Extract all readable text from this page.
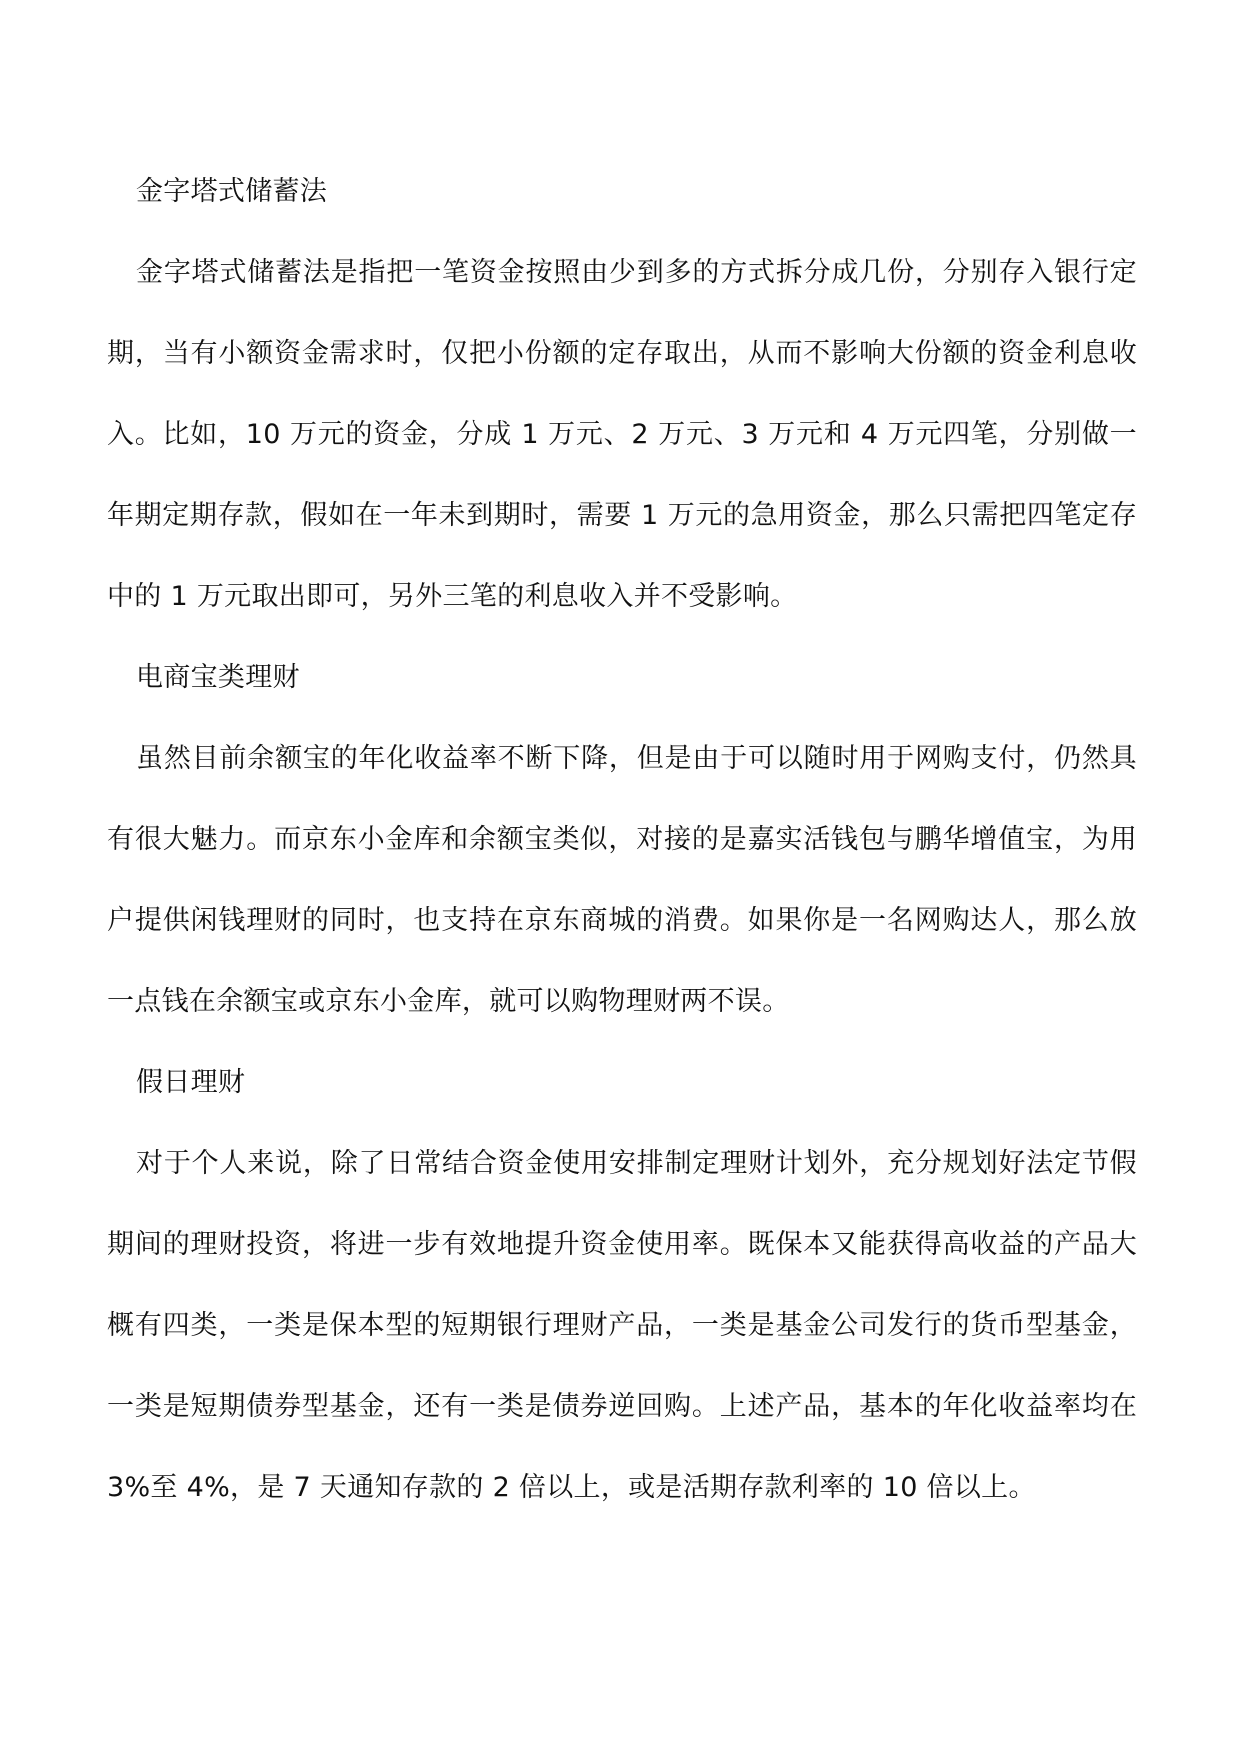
金字塔式储蓄法

金字塔式储蓄法是指把一笔资金按照由少到多的方式拆分成几份，分别存入银行定期，当有小额资金需求时，仅把小份额的定存取出，从而不影响大份额的资金利息收入。比如，10 万元的资金，分成 1 万元、2 万元、3 万元和 4 万元四笔，分别做一年期定期存款，假如在一年未到期时，需要 1 万元的急用资金，那么只需把四笔定存中的 1 万元取出即可，另外三笔的利息收入并不受影响。

电商宝类理财

虽然目前余额宝的年化收益率不断下降，但是由于可以随时用于网购支付，仍然具有很大魅力。而京东小金库和余额宝类似，对接的是嘉实活钱包与鹏华增值宝，为用户提供闲钱理财的同时，也支持在京东商城的消费。如果你是一名网购达人，那么放一点钱在余额宝或京东小金库，就可以购物理财两不误。

假日理财

对于个人来说，除了日常结合资金使用安排制定理财计划外，充分规划好法定节假期间的理财投资，将进一步有效地提升资金使用率。既保本又能获得高收益的产品大概有四类，一类是保本型的短期银行理财产品，一类是基金公司发行的货币型基金，一类是短期债券型基金，还有一类是债券逆回购。上述产品，基本的年化收益率均在 3%至 4%，是 7 天通知存款的 2 倍以上，或是活期存款利率的 10 倍以上。
